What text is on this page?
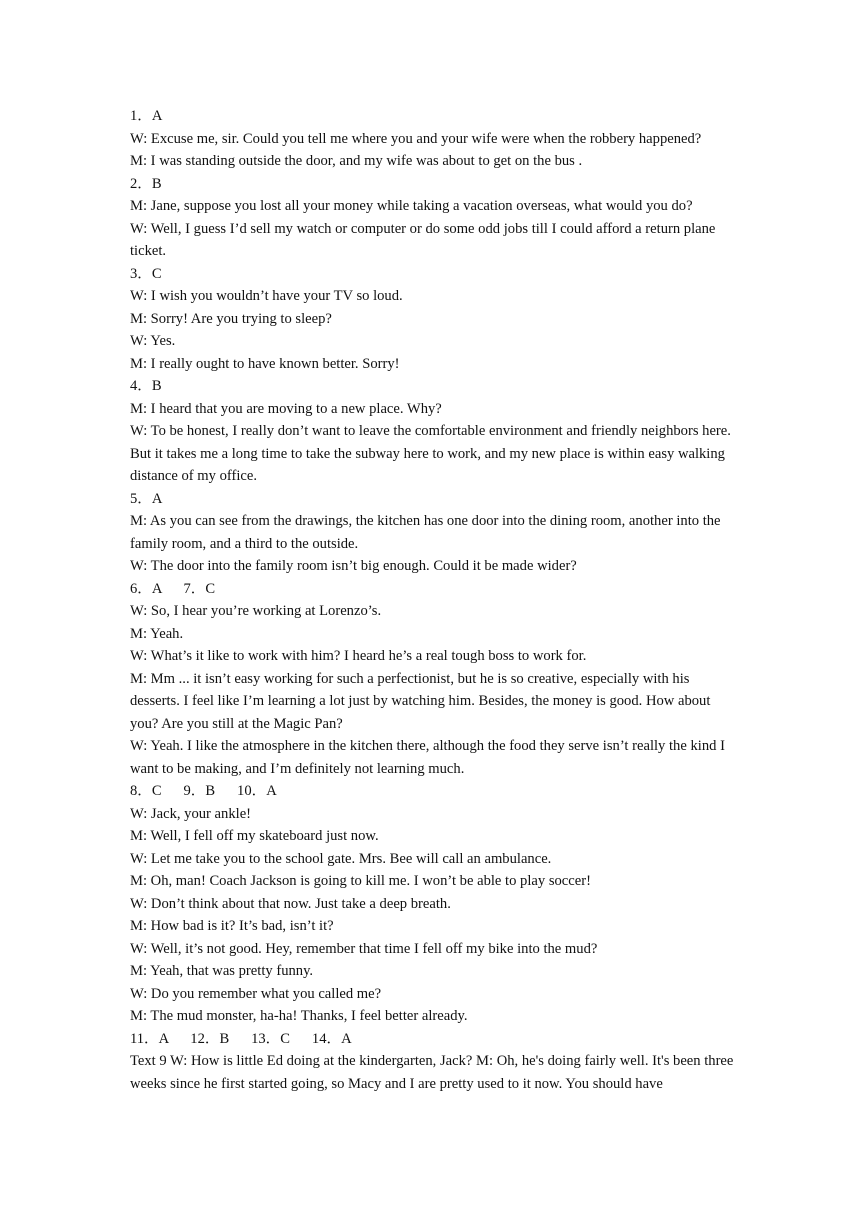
1．A

W: Excuse me, sir. Could you tell me where you and your wife were when the robbery happened?

M: I was standing outside the door, and my wife was about to get on the bus .

2．B

M: Jane, suppose you lost all your money while taking a vacation overseas, what would you do?

W: Well, I guess I’d sell my watch or computer or do some odd jobs till I could afford a return plane ticket.

3．C

W: I wish you wouldn’t have your TV so loud.

M: Sorry! Are you trying to sleep?

W: Yes.

M: I really ought to have known better. Sorry!

4．B

M: I heard that you are moving to a new place. Why?

W: To be honest, I really don’t want to leave the comfortable environment and friendly neighbors here. But it takes me a long time to take the subway here to work, and my new place is within easy walking distance of my office.

5．A

M: As you can see from the drawings, the kitchen has one door into the dining room, another into the family room, and a third to the outside.

W: The door into the family room isn’t big enough. Could it be made wider?

6．A      7．C

W: So, I hear you’re working at Lorenzo’s.

M: Yeah.

W: What’s it like to work with him? I heard he’s a real tough boss to work for.

M: Mm ... it isn’t easy working for such a perfectionist, but he is so creative, especially with his desserts. I feel like I’m learning a lot just by watching him. Besides, the money is good. How about you? Are you still at the Magic Pan?

W: Yeah. I like the atmosphere in the kitchen there, although the food they serve isn’t really the kind I want to be making, and I’m definitely not learning much.

8．C      9．B      10．A

W: Jack, your ankle!

M: Well, I fell off my skateboard just now.

W: Let me take you to the school gate. Mrs. Bee will call an ambulance.

M: Oh, man! Coach Jackson is going to kill me. I won’t be able to play soccer!

W: Don’t think about that now. Just take a deep breath.

M: How bad is it? It’s bad, isn’t it?

W: Well, it’s not good. Hey, remember that time I fell off my bike into the mud?

M: Yeah, that was pretty funny.

W: Do you remember what you called me?

M: The mud monster, ha-ha! Thanks, I feel better already.

11．A      12．B      13．C      14．A

Text 9 W: How is little Ed doing at the kindergarten, Jack? M: Oh, he's doing fairly well. It's been three weeks since he first started going, so Macy and I are pretty used to it now. You should have
